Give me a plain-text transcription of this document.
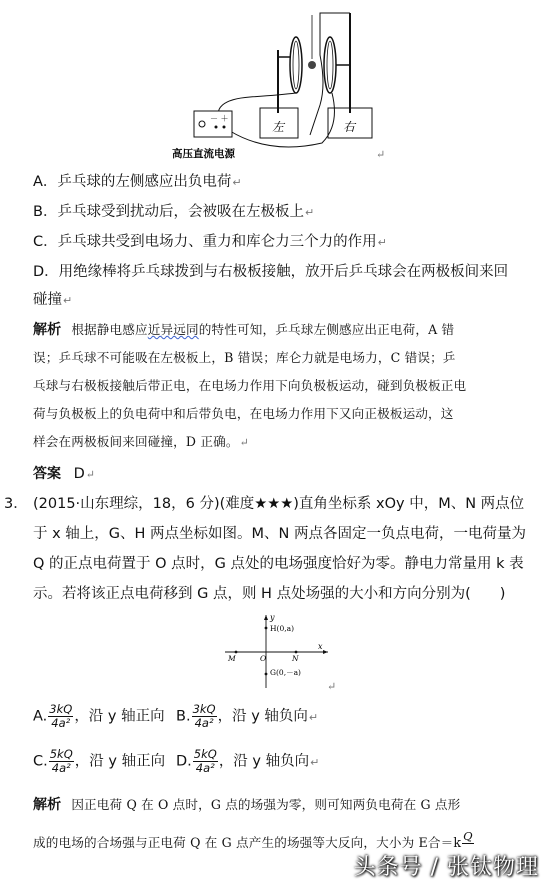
－ ＋
左	右
高压直流电源	↵
A．乒乓球的左侧感应出负电荷↵
B．乒乓球受到扰动后，会被吸在左极板上↵
C．乒乓球共受到电场力、重力和库仑力三个力的作用↵
D．用绝缘棒将乒乓球拨到与右极板接触，放开后乒乓球会在两极板间来回
碰撞↵
解析 根据静电感应近异远同的特性可知，乒乓球左侧感应出正电荷，A 错
误；乒乓球不可能吸在左极板上，B 错误；库仑力就是电场力，C 错误；乒
乓球与右极板接触后带正电，在电场力作用下向负极板运动，碰到负极板正电
荷与负极板上的负电荷中和后带负电，在电场力作用下又向正极板运动，这
样会在两极板间来回碰撞，D 正确。↵
答案 D↵
3． (2015·山东理综，18，6 分)(难度★★★)直角坐标系 xOy 中，M、N 两点位
于 x 轴上，G、H 两点坐标如图。M、N 两点各固定一负点电荷，一电荷量为
Q 的正点电荷置于 O 点时，G 点处的电场强度恰好为零。静电力常量用 k 表
示。若将该正点电荷移到 G 点，则 H 点处场强的大小和方向分别为(　　)
y
x
H(0,a)
G(0,－a)
M	O	N
↵
A. $\frac{3kQ}{\text{4a²}}$ ，沿 y 轴正向 B. $\frac{3kQ}{\text{4a²}}$ ，沿 y 轴负向↵
C. $\frac{5kQ}{\text{4a²}}$ ，沿 y 轴正向 D. $\frac{5kQ}{\text{4a²}}$ ，沿 y 轴负向↵
解析 因正电荷 Q 在 O 点时，G 点的场强为零，则可知两负电荷在 G 点形
成的电场的合场强与正电荷 Q 在 G 点产生的场强等大反向，大小为 E合＝k Q

头条号 / 张钛物理
